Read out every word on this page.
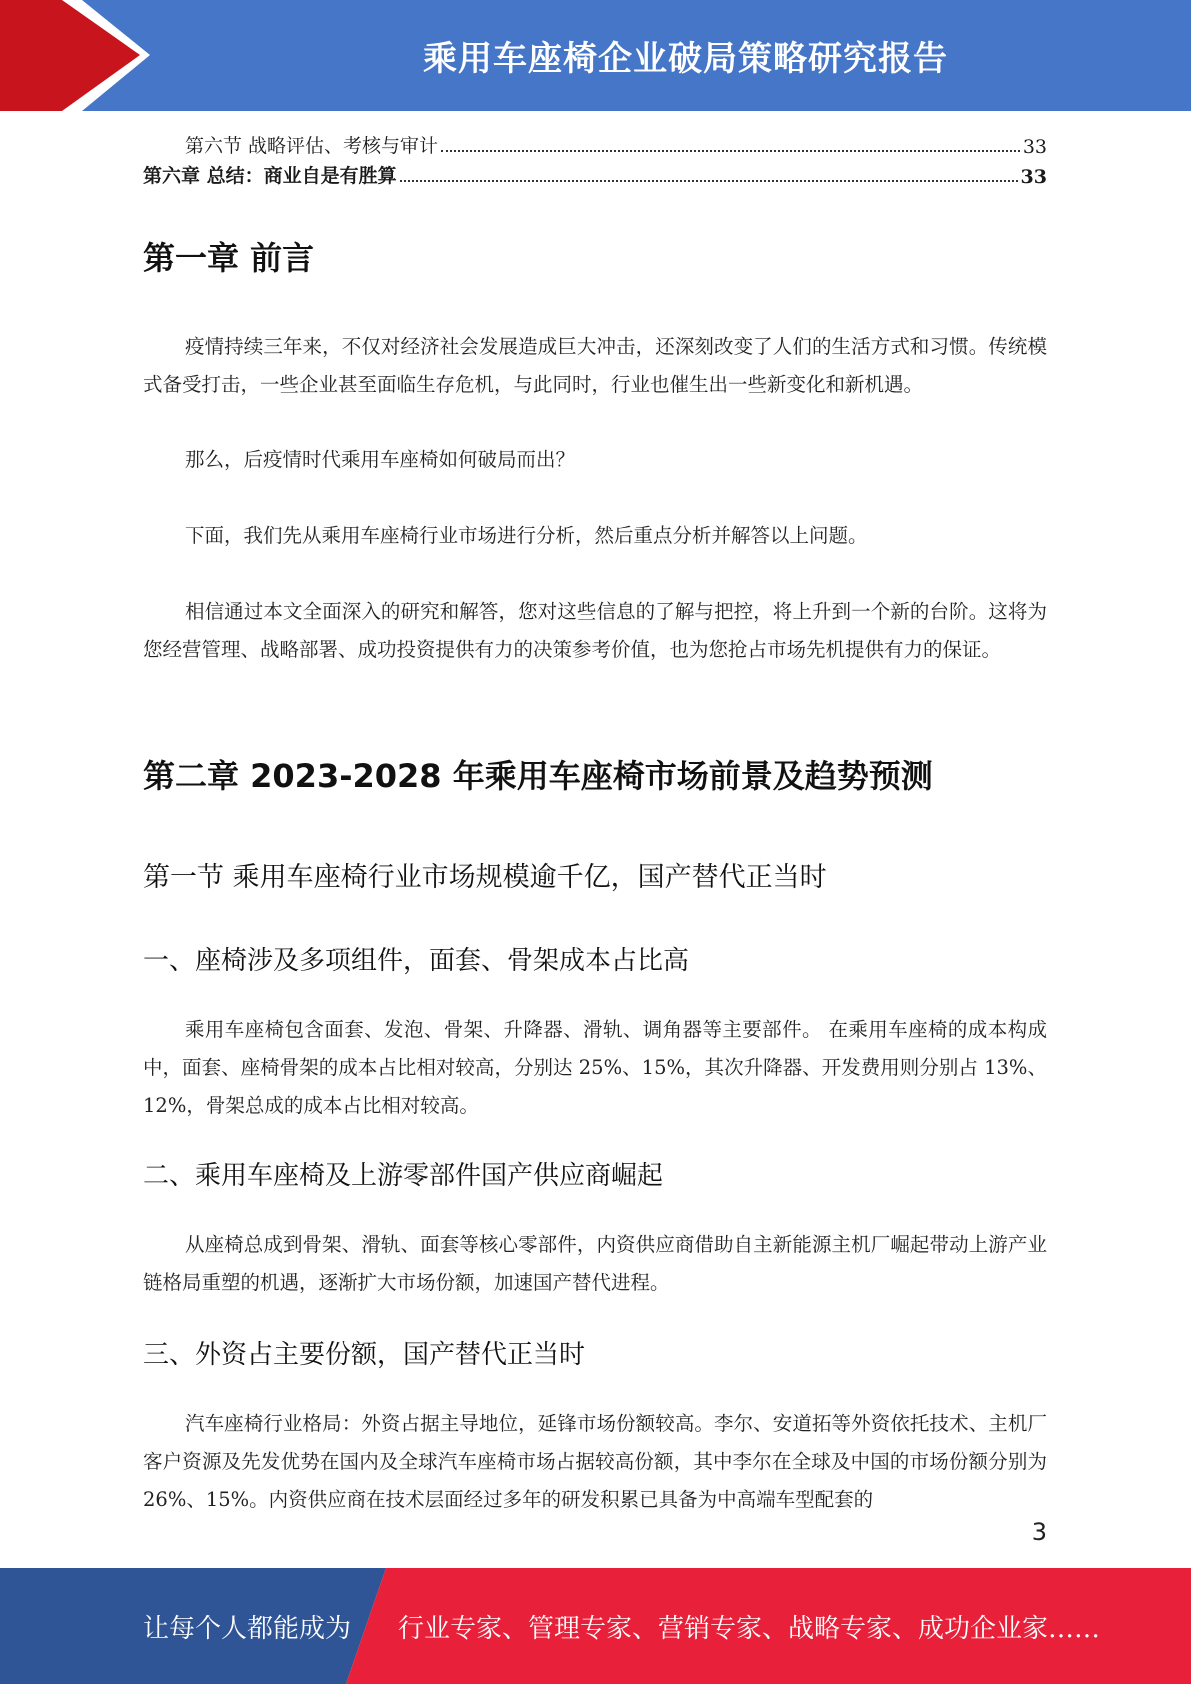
乘用车座椅企业破局策略研究报告
第六节 战略评估、考核与审计	33
第六章 总结：商业自是有胜算	33
第一章 前言

疫情持续三年来，不仅对经济社会发展造成巨大冲击，还深刻改变了人们的生活方式和习惯。传统模式备受打击，一些企业甚至面临生存危机，与此同时，行业也催生出一些新变化和新机遇。

那么，后疫情时代乘用车座椅如何破局而出？

下面，我们先从乘用车座椅行业市场进行分析，然后重点分析并解答以上问题。

相信通过本文全面深入的研究和解答，您对这些信息的了解与把控，将上升到一个新的台阶。这将为您经营管理、战略部署、成功投资提供有力的决策参考价值，也为您抢占市场先机提供有力的保证。

第二章 2023-2028 年乘用车座椅市场前景及趋势预测
第一节 乘用车座椅行业市场规模逾千亿，国产替代正当时
一、座椅涉及多项组件，面套、骨架成本占比高

乘用车座椅包含面套、发泡、骨架、升降器、滑轨、调角器等主要部件。 在乘用车座椅的成本构成中，面套、座椅骨架的成本占比相对较高，分别达 25%、15%，其次升降器、开发费用则分别占 13%、12%，骨架总成的成本占比相对较高。

二、乘用车座椅及上游零部件国产供应商崛起

从座椅总成到骨架、滑轨、面套等核心零部件，内资供应商借助自主新能源主机厂崛起带动上游产业链格局重塑的机遇，逐渐扩大市场份额，加速国产替代进程。

三、外资占主要份额，国产替代正当时

汽车座椅行业格局：外资占据主导地位，延锋市场份额较高。李尔、安道拓等外资依托技术、主机厂客户资源及先发优势在国内及全球汽车座椅市场占据较高份额，其中李尔在全球及中国的市场份额分别为 26%、15%。内资供应商在技术层面经过多年的研发积累已具备为中高端车型配套的

3
让每个人都能成为 行业专家、管理专家、营销专家、战略专家、成功企业家……
